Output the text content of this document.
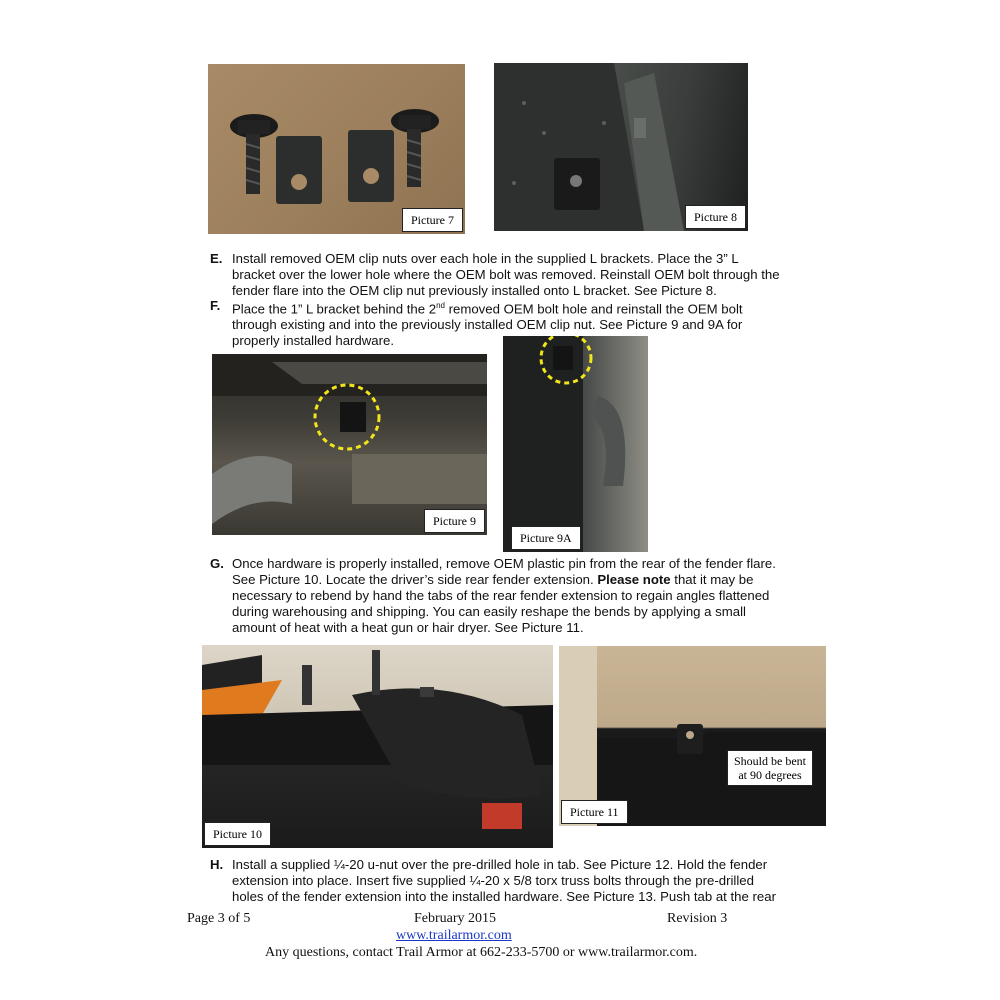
Picture 7	Picture 8
E. Install removed OEM clip nuts over each hole in the supplied L brackets. Place the 3” L
bracket over the lower hole where the OEM bolt was removed. Reinstall OEM bolt through the
fender flare into the OEM clip nut previously installed onto L bracket. See Picture 8.
F. Place the 1” L bracket behind the 2nd removed OEM bolt hole and reinstall the OEM bolt
through existing and into the previously installed OEM clip nut. See Picture 9 and 9A for
properly installed hardware.
Picture 9
Picture 9A
G. Once hardware is properly installed, remove OEM plastic pin from the rear of the fender flare.
See Picture 10. Locate the driver’s side rear fender extension. Please note that it may be
necessary to rebend by hand the tabs of the rear fender extension to regain angles flattened
during warehousing and shipping. You can easily reshape the bends by applying a small
amount of heat with a heat gun or hair dryer. See Picture 11.
Picture 10
Should be bent
at 90 degrees
Picture 11
H. Install a supplied ¼-20 u-nut over the pre-drilled hole in tab. See Picture 12. Hold the fender
extension into place. Insert five supplied ¼-20 x 5/8 torx truss bolts through the pre-drilled
holes of the fender extension into the installed hardware. See Picture 13. Push tab at the rear
Page 3 of 5	February 2015	Revision 3
www.trailarmor.com
Any questions, contact Trail Armor at 662-233-5700 or www.trailarmor.com.
